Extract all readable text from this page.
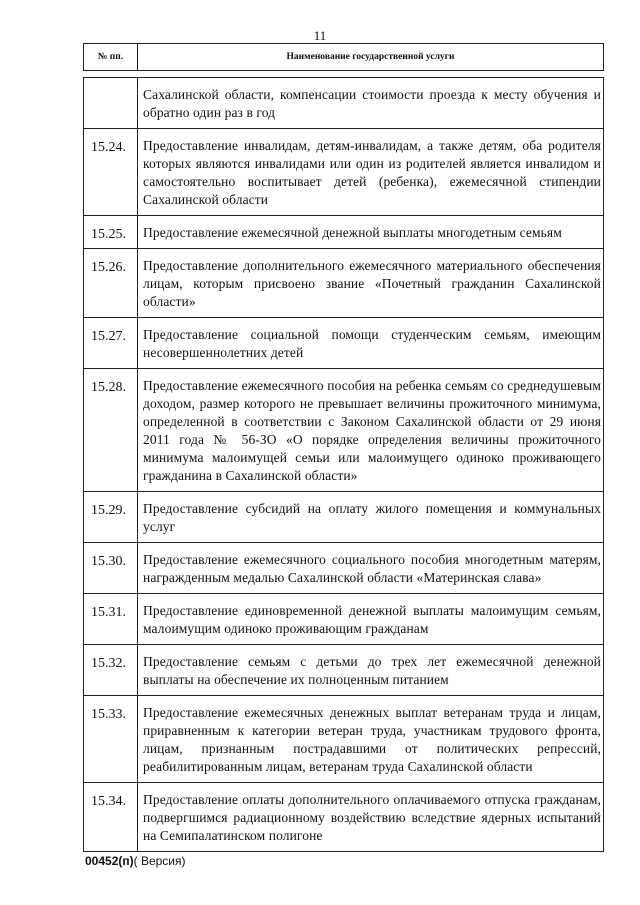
11
№ пп.	Наименование государственной услуги
	Сахалинской области, компенсации стоимости проезда к месту обучения и обратно один раз в год
15.24.	Предоставление инвалидам, детям-инвалидам, а также детям, оба родителя которых являются инвалидами или один из родителей является инвалидом и самостоятельно воспитывает детей (ребенка), ежемесячной стипендии Сахалинской области
15.25.	Предоставление ежемесячной денежной выплаты многодетным семьям
15.26.	Предоставление дополнительного ежемесячного материального обеспечения лицам, которым присвоено звание «Почетный гражданин Сахалинской области»
15.27.	Предоставление социальной помощи студенческим семьям, имеющим несовершеннолетних детей
15.28.	Предоставление ежемесячного пособия на ребенка семьям со среднедушевым доходом, размер которого не превышает величины прожиточного минимума, определенной в соответствии с Законом Сахалинской области от 29 июня 2011 года № 56-ЗО «О порядке определения величины прожиточного минимума малоимущей семьи или малоимущего одиноко проживающего гражданина в Сахалинской области»
15.29.	Предоставление субсидий на оплату жилого помещения и коммунальных услуг
15.30.	Предоставление ежемесячного социального пособия многодетным матерям, награжденным медалью Сахалинской области «Материнская слава»
15.31.	Предоставление единовременной денежной выплаты малоимущим семьям, малоимущим одиноко проживающим гражданам
15.32.	Предоставление семьям с детьми до трех лет ежемесячной денежной выплаты на обеспечение их полноценным питанием
15.33.	Предоставление ежемесячных денежных выплат ветеранам труда и лицам, приравненным к категории ветеран труда, участникам трудового фронта, лицам, признанным пострадавшими от политических репрессий, реабилитированным лицам, ветеранам труда Сахалинской области
15.34.	Предоставление оплаты дополнительного оплачиваемого отпуска гражданам, подвергшимся радиационному воздействию вследствие ядерных испытаний на Семипалатинском полигоне
00452(п)( Версия)
